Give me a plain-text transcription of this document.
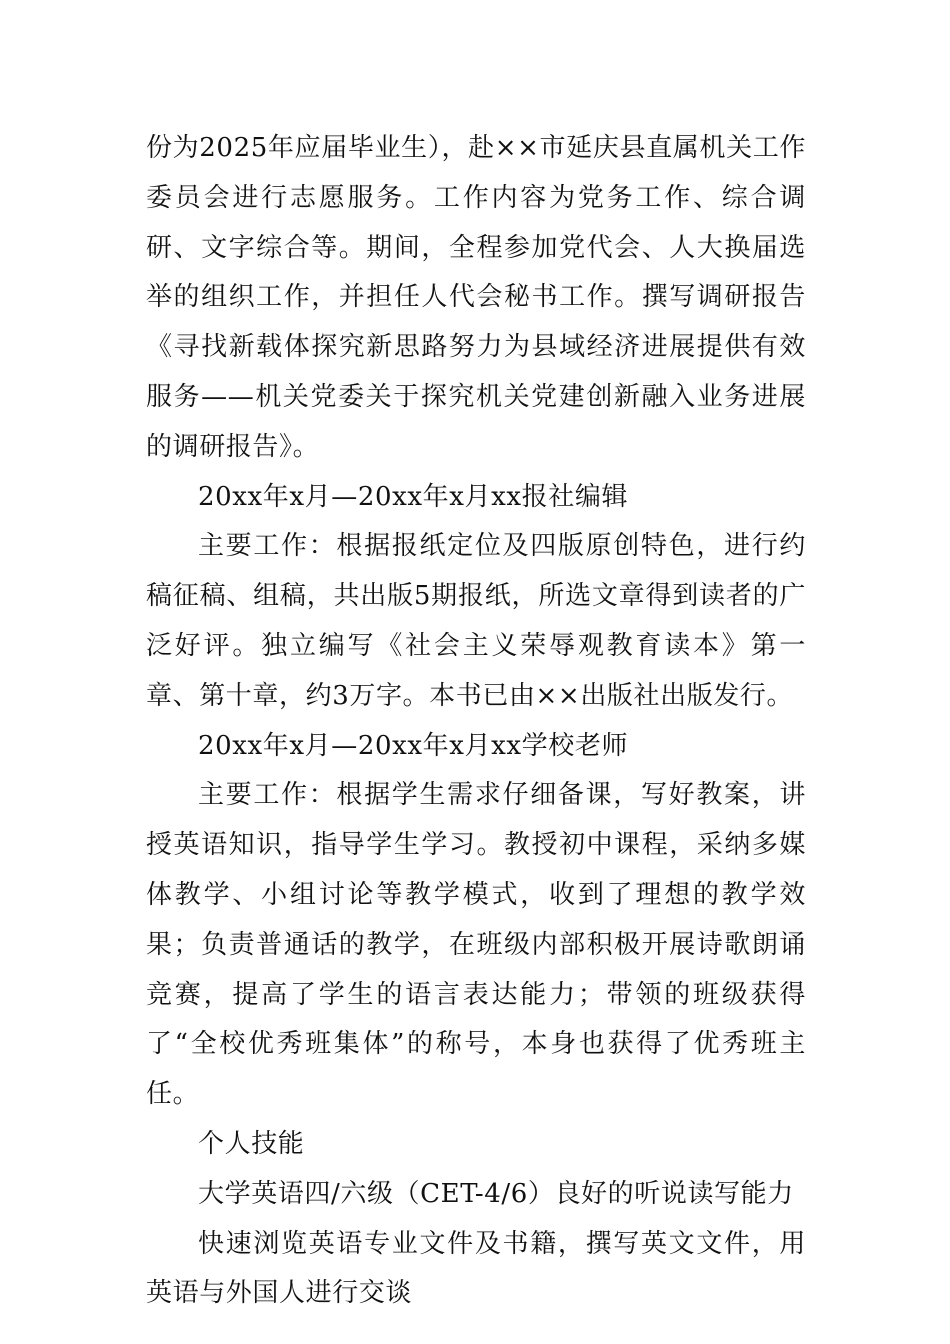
份为2025年应届毕业生），赴××市延庆县直属机关工作委员会进行志愿服务。工作内容为党务工作、综合调研、文字综合等。期间，全程参加党代会、人大换届选举的组织工作，并担任人代会秘书工作。撰写调研报告《寻找新载体探究新思路努力为县域经济进展提供有效服务——机关党委关于探究机关党建创新融入业务进展的调研报告》。

20xx年x月—20xx年x月xx报社编辑

主要工作：根据报纸定位及四版原创特色，进行约稿征稿、组稿，共出版5期报纸，所选文章得到读者的广泛好评。独立编写《社会主义荣辱观教育读本》第一章、第十章，约3万字。本书已由××出版社出版发行。

20xx年x月—20xx年x月xx学校老师

主要工作：根据学生需求仔细备课，写好教案，讲授英语知识，指导学生学习。教授初中课程，采纳多媒体教学、小组讨论等教学模式，收到了理想的教学效果；负责普通话的教学，在班级内部积极开展诗歌朗诵竞赛，提高了学生的语言表达能力；带领的班级获得了“全校优秀班集体”的称号，本身也获得了优秀班主任。

个人技能

大学英语四/六级（CET-4/6）良好的听说读写能力

快速浏览英语专业文件及书籍，撰写英文文件，用英语与外国人进行交谈
